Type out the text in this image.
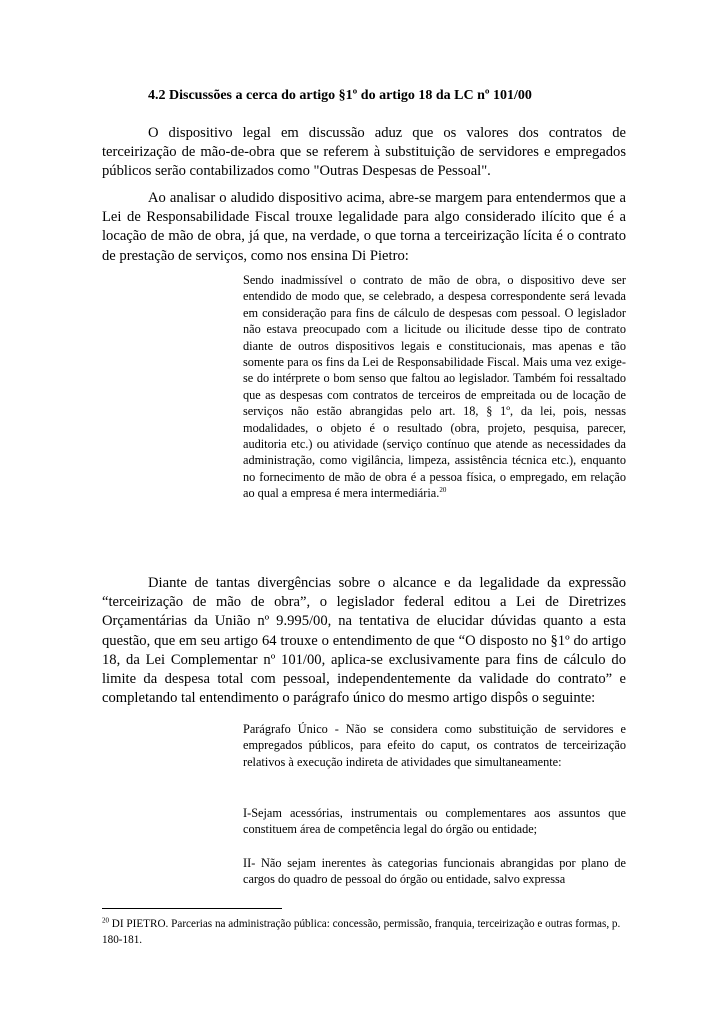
4.2 Discussões a cerca do artigo §1º do artigo 18 da LC nº 101/00

O dispositivo legal em discussão aduz que os valores dos contratos de terceirização de mão-de-obra que se referem à substituição de servidores e empregados públicos serão contabilizados como "Outras Despesas de Pessoal".

Ao analisar o aludido dispositivo acima, abre-se margem para entendermos que a Lei de Responsabilidade Fiscal trouxe legalidade para algo considerado ilícito que é a locação de mão de obra, já que, na verdade, o que torna a terceirização lícita é o contrato de prestação de serviços, como nos ensina Di Pietro:

Sendo inadmissível o contrato de mão de obra, o dispositivo deve ser entendido de modo que, se celebrado, a despesa correspondente será levada em consideração para fins de cálculo de despesas com pessoal. O legislador não estava preocupado com a licitude ou ilicitude desse tipo de contrato diante de outros dispositivos legais e constitucionais, mas apenas e tão somente para os fins da Lei de Responsabilidade Fiscal. Mais uma vez exige-se do intérprete o bom senso que faltou ao legislador. Também foi ressaltado que as despesas com contratos de terceiros de empreitada ou de locação de serviços não estão abrangidas pelo art. 18, § 1º, da lei, pois, nessas modalidades, o objeto é o resultado (obra, projeto, pesquisa, parecer, auditoria etc.) ou atividade (serviço contínuo que atende as necessidades da administração, como vigilância, limpeza, assistência técnica etc.), enquanto no fornecimento de mão de obra é a pessoa física, o empregado, em relação ao qual a empresa é mera intermediária.$^{20}$

Diante de tantas divergências sobre o alcance e da legalidade da expressão “terceirização de mão de obra”, o legislador federal editou a Lei de Diretrizes Orçamentárias da União nº 9.995/00, na tentativa de elucidar dúvidas quanto a esta questão, que em seu artigo 64 trouxe o entendimento de que “O disposto no §1º do artigo 18, da Lei Complementar nº 101/00, aplica-se exclusivamente para fins de cálculo do limite da despesa total com pessoal, independentemente da validade do contrato” e completando tal entendimento o parágrafo único do mesmo artigo dispôs o seguinte:

Parágrafo Único - Não se considera como substituição de servidores e empregados públicos, para efeito do caput, os contratos de terceirização relativos à execução indireta de atividades que simultaneamente:

I-Sejam acessórias, instrumentais ou complementares aos assuntos que constituem área de competência legal do órgão ou entidade;

II- Não sejam inerentes às categorias funcionais abrangidas por plano de cargos do quadro de pessoal do órgão ou entidade, salvo expressa

$^{20}$ DI PIETRO. Parcerias na administração pública: concessão, permissão, franquia, terceirização e outras formas, p. 180-181.
